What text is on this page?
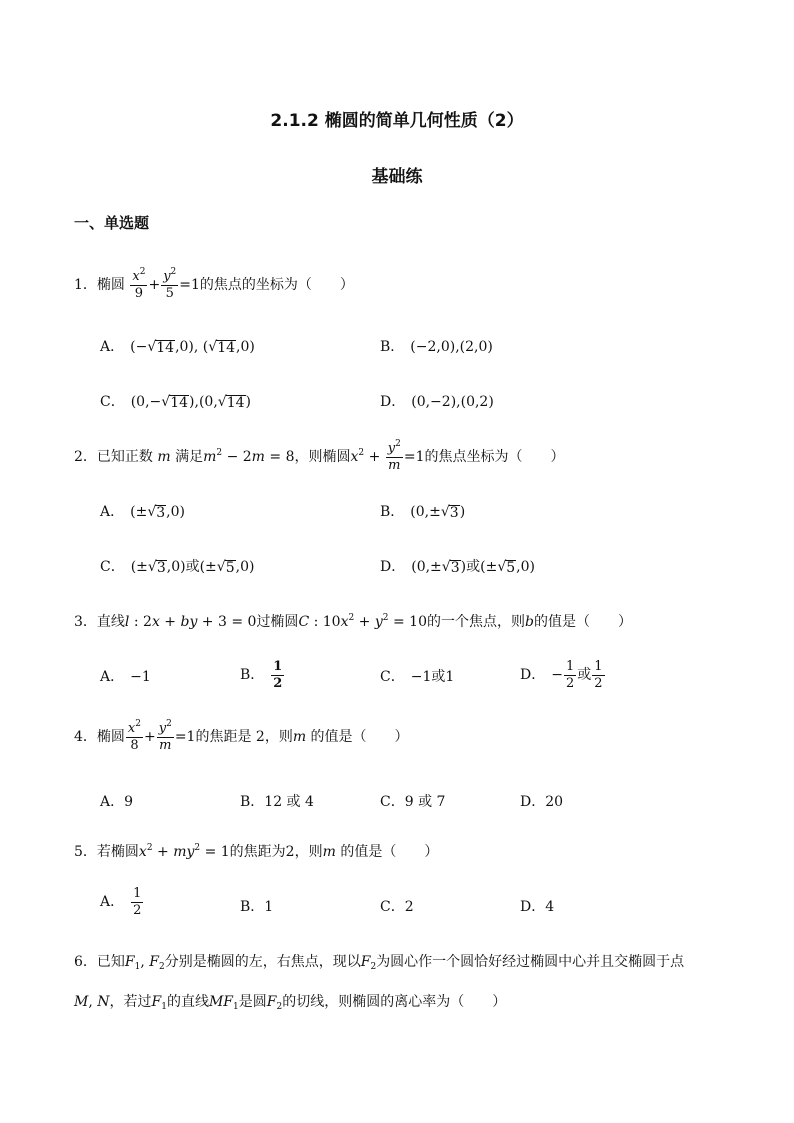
2.1.2 椭圆的简单几何性质（2）
基础练
一、单选题
1．椭圆 $\frac{x^2}{9} + \frac{y^2}{5} =1$的焦点的坐标为（　　）
A． (−√ 14 ,0), (√ 14 ,0)	B． (−2,0),(2,0)
C． (0,−√ 14 ),(0,√ 14 )	D． (0,−2),(0,2)
2．已知正数 m 满足$m^2 - 2m = 8$，则椭圆$x^2 + \frac{y^2}{m} =1$的焦点坐标为（　　）
A． (±√ 3 ,0)	B． (0,±√ 3 )
C． (±√ 3 ,0)或(±√ 5 ,0)	D． (0,±√ 3 )或(±√ 5 ,0)
3．直线l : 2x + by + 3 = 0过椭圆C : $10x^2 + y^2 = 10$的一个焦点，则b的值是（　　）
A． −1	B． $\frac{1}{2}$	C． −1或1	D． − $\frac{1}{2}$ 或 $\frac{1}{2}$
4．椭圆 $\frac{x^2}{8} + \frac{y^2}{m} =1$的焦距是 2，则m 的值是（　　）
A．9	B．12 或 4	C．9 或 7	D．20
5．若椭圆$x^2 + my^2 = 1$的焦距为2，则m 的值是（　　）
A． $\frac{1}{2}$	B．1	C．2	D．4
6．已知$F_1$, $F_2$分别是椭圆的左，右焦点，现以$F_2$为圆心作一个圆恰好经过椭圆中心并且交椭圆于点
M, N，若过$F_1$的直线$MF_1$是圆$F_2$的切线，则椭圆的离心率为（　　）
